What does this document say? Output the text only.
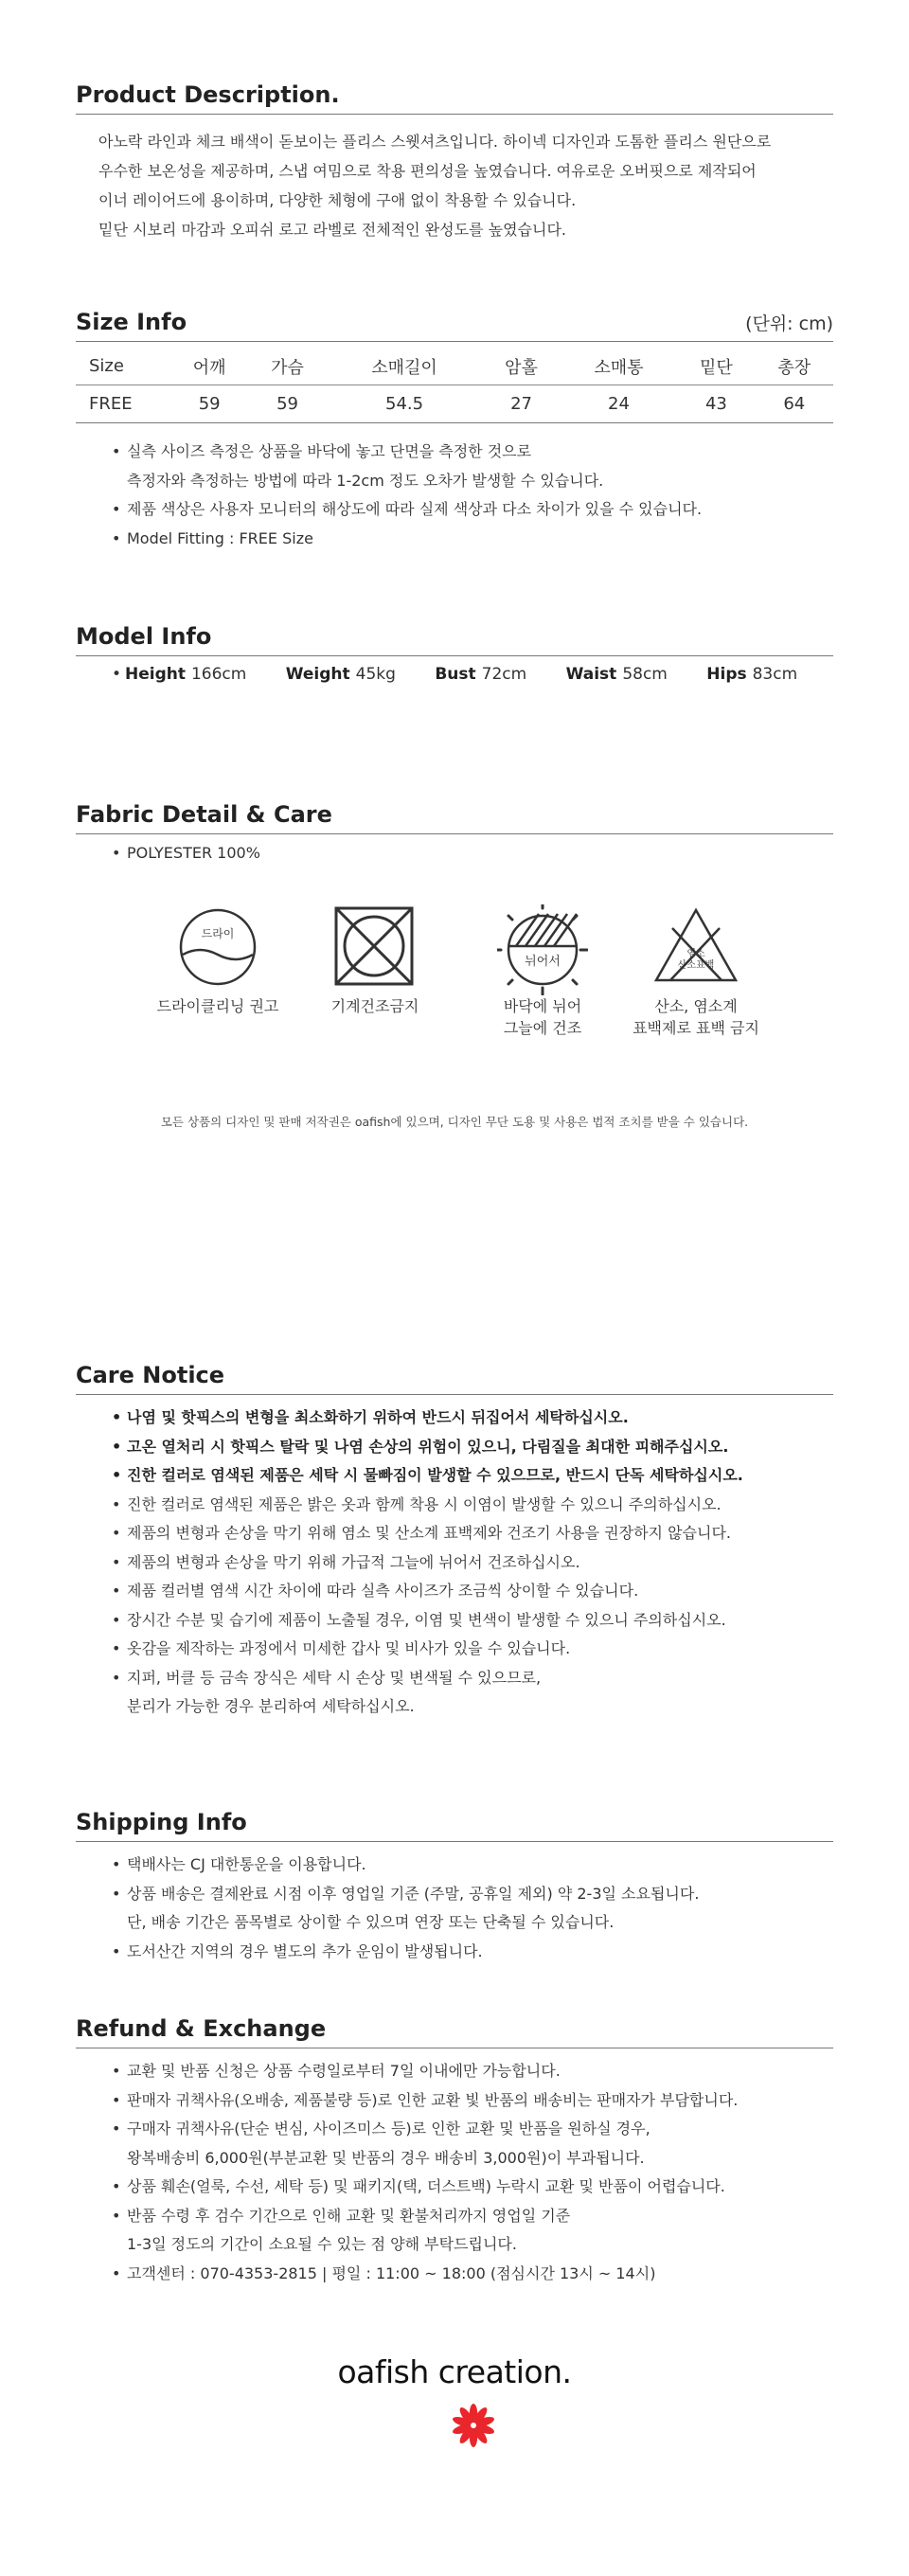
Product Description.

아노락 라인과 체크 배색이 돋보이는 플리스 스웻셔츠입니다. 하이넥 디자인과 도톰한 플리스 원단으로

우수한 보온성을 제공하며, 스냅 여밈으로 착용 편의성을 높였습니다. 여유로운 오버핏으로 제작되어

이너 레이어드에 용이하며, 다양한 체형에 구애 없이 착용할 수 있습니다.

밑단 시보리 마감과 오피쉬 로고 라벨로 전체적인 완성도를 높였습니다.

Size Info	(단위: cm)
Size	어깨	가슴	소매길이	암홀	소매통	밑단	총장
FREE	59	59	54.5	27	24	43	64
• 실측 사이즈 측정은 상품을 바닥에 놓고 단면을 측정한 것으로
측정자와 측정하는 방법에 따라 1-2cm 정도 오차가 발생할 수 있습니다.
• 제품 색상은 사용자 모니터의 해상도에 따라 실제 색상과 다소 차이가 있을 수 있습니다.
• Model Fitting : FREE Size
Model Info
• Height 166cm Weight 45kg Bust 72cm Waist 58cm Hips 83cm
Fabric Detail & Care
• POLYESTER 100%
드라이
드라이클리닝 권고	기계건조금지
뉘어서
바닥에 뉘어
그늘에 건조
염소
산소표백
산소, 염소계
표백제로 표백 금지
모든 상품의 디자인 및 판매 저작권은 oafish에 있으며, 디자인 무단 도용 및 사용은 법적 조치를 받을 수 있습니다.
Care Notice
• 나염 및 핫픽스의 변형을 최소화하기 위하여 반드시 뒤집어서 세탁하십시오.
• 고온 열처리 시 핫픽스 탈락 및 나염 손상의 위험이 있으니, 다림질을 최대한 피해주십시오.
• 진한 컬러로 염색된 제품은 세탁 시 물빠짐이 발생할 수 있으므로, 반드시 단독 세탁하십시오.
• 진한 컬러로 염색된 제품은 밝은 옷과 함께 착용 시 이염이 발생할 수 있으니 주의하십시오.
• 제품의 변형과 손상을 막기 위해 염소 및 산소계 표백제와 건조기 사용을 권장하지 않습니다.
• 제품의 변형과 손상을 막기 위해 가급적 그늘에 뉘어서 건조하십시오.
• 제품 컬러별 염색 시간 차이에 따라 실측 사이즈가 조금씩 상이할 수 있습니다.
• 장시간 수분 및 습기에 제품이 노출될 경우, 이염 및 변색이 발생할 수 있으니 주의하십시오.
• 옷감을 제작하는 과정에서 미세한 갑사 및 비사가 있을 수 있습니다.
• 지퍼, 버클 등 금속 장식은 세탁 시 손상 및 변색될 수 있으므로,
분리가 가능한 경우 분리하여 세탁하십시오.
Shipping Info
• 택배사는 CJ 대한통운을 이용합니다.
• 상품 배송은 결제완료 시점 이후 영업일 기준 (주말, 공휴일 제외) 약 2-3일 소요됩니다.
단, 배송 기간은 품목별로 상이할 수 있으며 연장 또는 단축될 수 있습니다.
• 도서산간 지역의 경우 별도의 추가 운임이 발생됩니다.
Refund & Exchange
• 교환 및 반품 신청은 상품 수령일로부터 7일 이내에만 가능합니다.
• 판매자 귀책사유(오배송, 제품불량 등)로 인한 교환 빛 반품의 배송비는 판매자가 부담합니다.
• 구매자 귀책사유(단순 변심, 사이즈미스 등)로 인한 교환 및 반품을 원하실 경우,
왕복배송비 6,000원(부분교환 및 반품의 경우 배송비 3,000원)이 부과됩니다.
• 상품 훼손(얼룩, 수선, 세탁 등) 및 패키지(택, 더스트백) 누락시 교환 및 반품이 어렵습니다.
• 반품 수령 후 검수 기간으로 인해 교환 및 환불처리까지 영업일 기준
1-3일 정도의 기간이 소요될 수 있는 점 양해 부탁드립니다.
• 고객센터 : 070-4353-2815 | 평일 : 11:00 ~ 18:00 (점심시간 13시 ~ 14시)
oafish creation.
